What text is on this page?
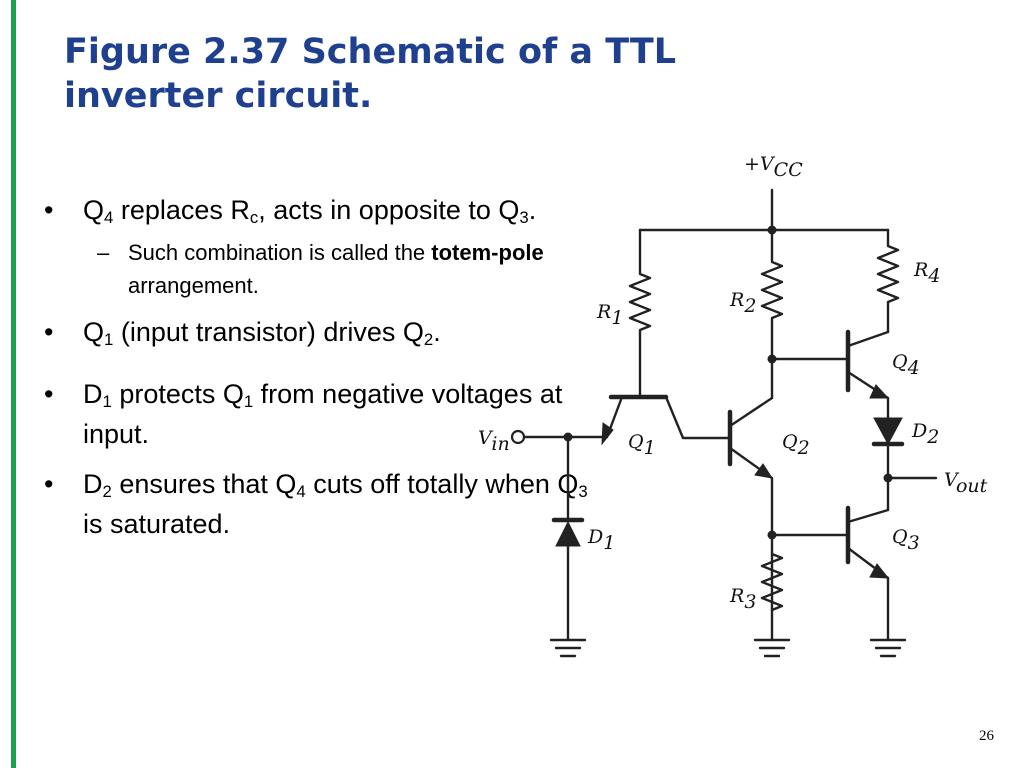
Figure 2.37 Schematic of a TTL
inverter circuit.
• $Q_4$ replaces $R_c$, acts in opposite to $Q_3$.
– Such combination is called the totem-pole arrangement.
• $Q_1$ (input transistor) drives $Q_2$.
• $D_1$ protects $Q_1$ from negative voltages at input.
• $D_2$ ensures that $Q_4$ cuts off totally when $Q_3$ is saturated.
+VCC
Vin
Vout
R1
R2
R3
R4
Q1	Q2
Q3
Q4
D1
D2
26
